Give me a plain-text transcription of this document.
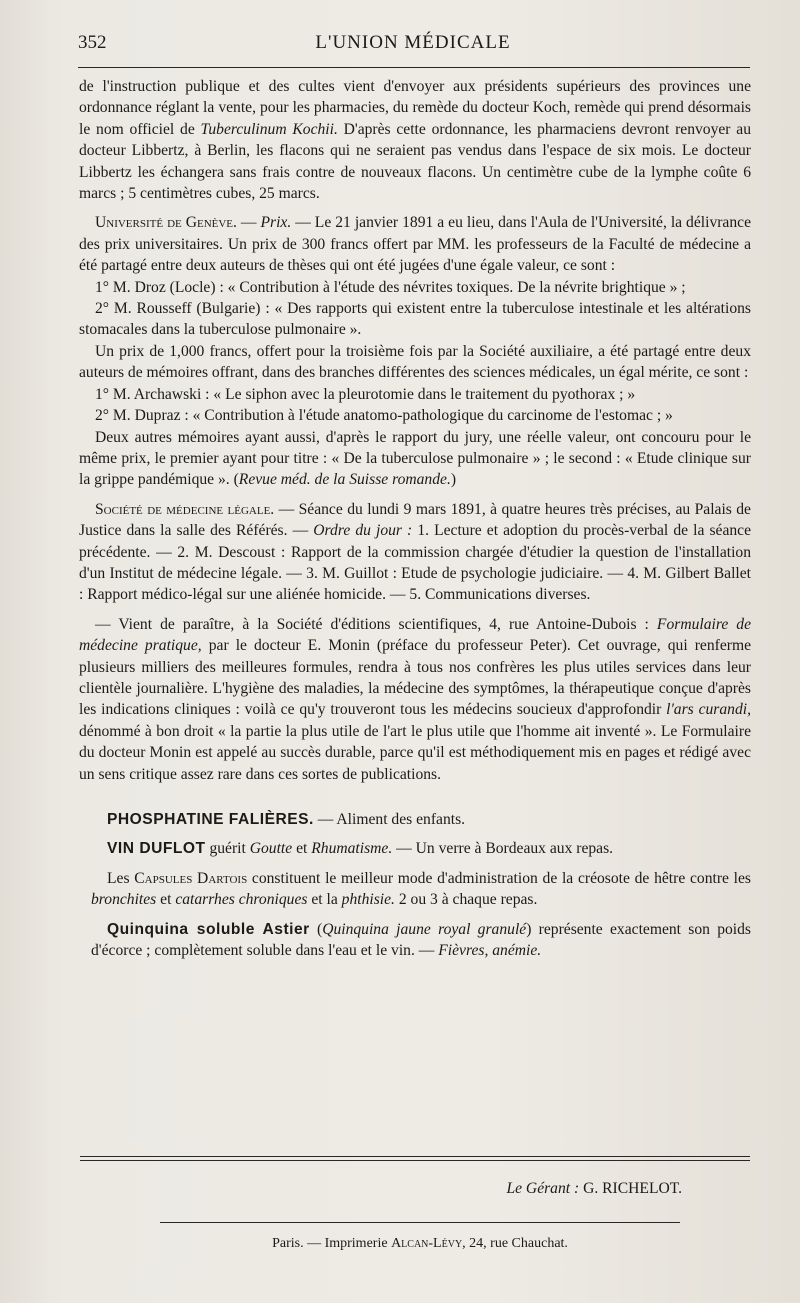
352	L'UNION MÉDICALE

de l'instruction publique et des cultes vient d'envoyer aux présidents supérieurs des provinces une ordonnance réglant la vente, pour les pharmacies, du remède du docteur Koch, remède qui prend désormais le nom officiel de Tuberculinum Kochii. D'après cette ordonnance, les pharmaciens devront renvoyer au docteur Libbertz, à Berlin, les flacons qui ne seraient pas vendus dans l'espace de six mois. Le docteur Libbertz les échangera sans frais contre de nouveaux flacons. Un centimètre cube de la lymphe coûte 6 marcs ; 5 centimètres cubes, 25 marcs.

Université de Genève. — Prix. — Le 21 janvier 1891 a eu lieu, dans l'Aula de l'Université, la délivrance des prix universitaires. Un prix de 300 francs offert par MM. les professeurs de la Faculté de médecine a été partagé entre deux auteurs de thèses qui ont été jugées d'une égale valeur, ce sont :

1° M. Droz (Locle) : « Contribution à l'étude des névrites toxiques. De la névrite brightique » ;

2° M. Rousseff (Bulgarie) : « Des rapports qui existent entre la tuberculose intestinale et les altérations stomacales dans la tuberculose pulmonaire ».

Un prix de 1,000 francs, offert pour la troisième fois par la Société auxiliaire, a été partagé entre deux auteurs de mémoires offrant, dans des branches différentes des sciences médicales, un égal mérite, ce sont :

1° M. Archawski : « Le siphon avec la pleurotomie dans le traitement du pyothorax ; »

2° M. Dupraz : « Contribution à l'étude anatomo-pathologique du carcinome de l'estomac ; »

Deux autres mémoires ayant aussi, d'après le rapport du jury, une réelle valeur, ont concouru pour le même prix, le premier ayant pour titre : « De la tuberculose pulmonaire » ; le second : « Etude clinique sur la grippe pandémique ». (Revue méd. de la Suisse romande.)

Société de médecine légale. — Séance du lundi 9 mars 1891, à quatre heures très précises, au Palais de Justice dans la salle des Référés. — Ordre du jour : 1. Lecture et adoption du procès-verbal de la séance précédente. — 2. M. Descoust : Rapport de la commission chargée d'étudier la question de l'installation d'un Institut de médecine légale. — 3. M. Guillot : Etude de psychologie judiciaire. — 4. M. Gilbert Ballet : Rapport médico-légal sur une aliénée homicide. — 5. Communications diverses.

— Vient de paraître, à la Société d'éditions scientifiques, 4, rue Antoine-Dubois : Formulaire de médecine pratique, par le docteur E. Monin (préface du professeur Peter). Cet ouvrage, qui renferme plusieurs milliers des meilleures formules, rendra à tous nos confrères les plus utiles services dans leur clientèle journalière. L'hygiène des maladies, la médecine des symptômes, la thérapeutique conçue d'après les indications cliniques : voilà ce qu'y trouveront tous les médecins soucieux d'approfondir l'ars curandi, dénommé à bon droit « la partie la plus utile de l'art le plus utile que l'homme ait inventé ». Le Formulaire du docteur Monin est appelé au succès durable, parce qu'il est méthodiquement mis en pages et rédigé avec un sens critique assez rare dans ces sortes de publications.

PHOSPHATINE FALIÈRES. — Aliment des enfants.

VIN DUFLOT guérit Goutte et Rhumatisme. — Un verre à Bordeaux aux repas.

Les Capsules Dartois constituent le meilleur mode d'administration de la créosote de hêtre contre les bronchites et catarrhes chroniques et la phthisie. 2 ou 3 à chaque repas.

Quinquina soluble Astier (Quinquina jaune royal granulé) représente exactement son poids d'écorce ; complètement soluble dans l'eau et le vin. — Fièvres, anémie.

Le Gérant : G. RICHELOT.
Paris. — Imprimerie Alcan-Lévy, 24, rue Chauchat.
